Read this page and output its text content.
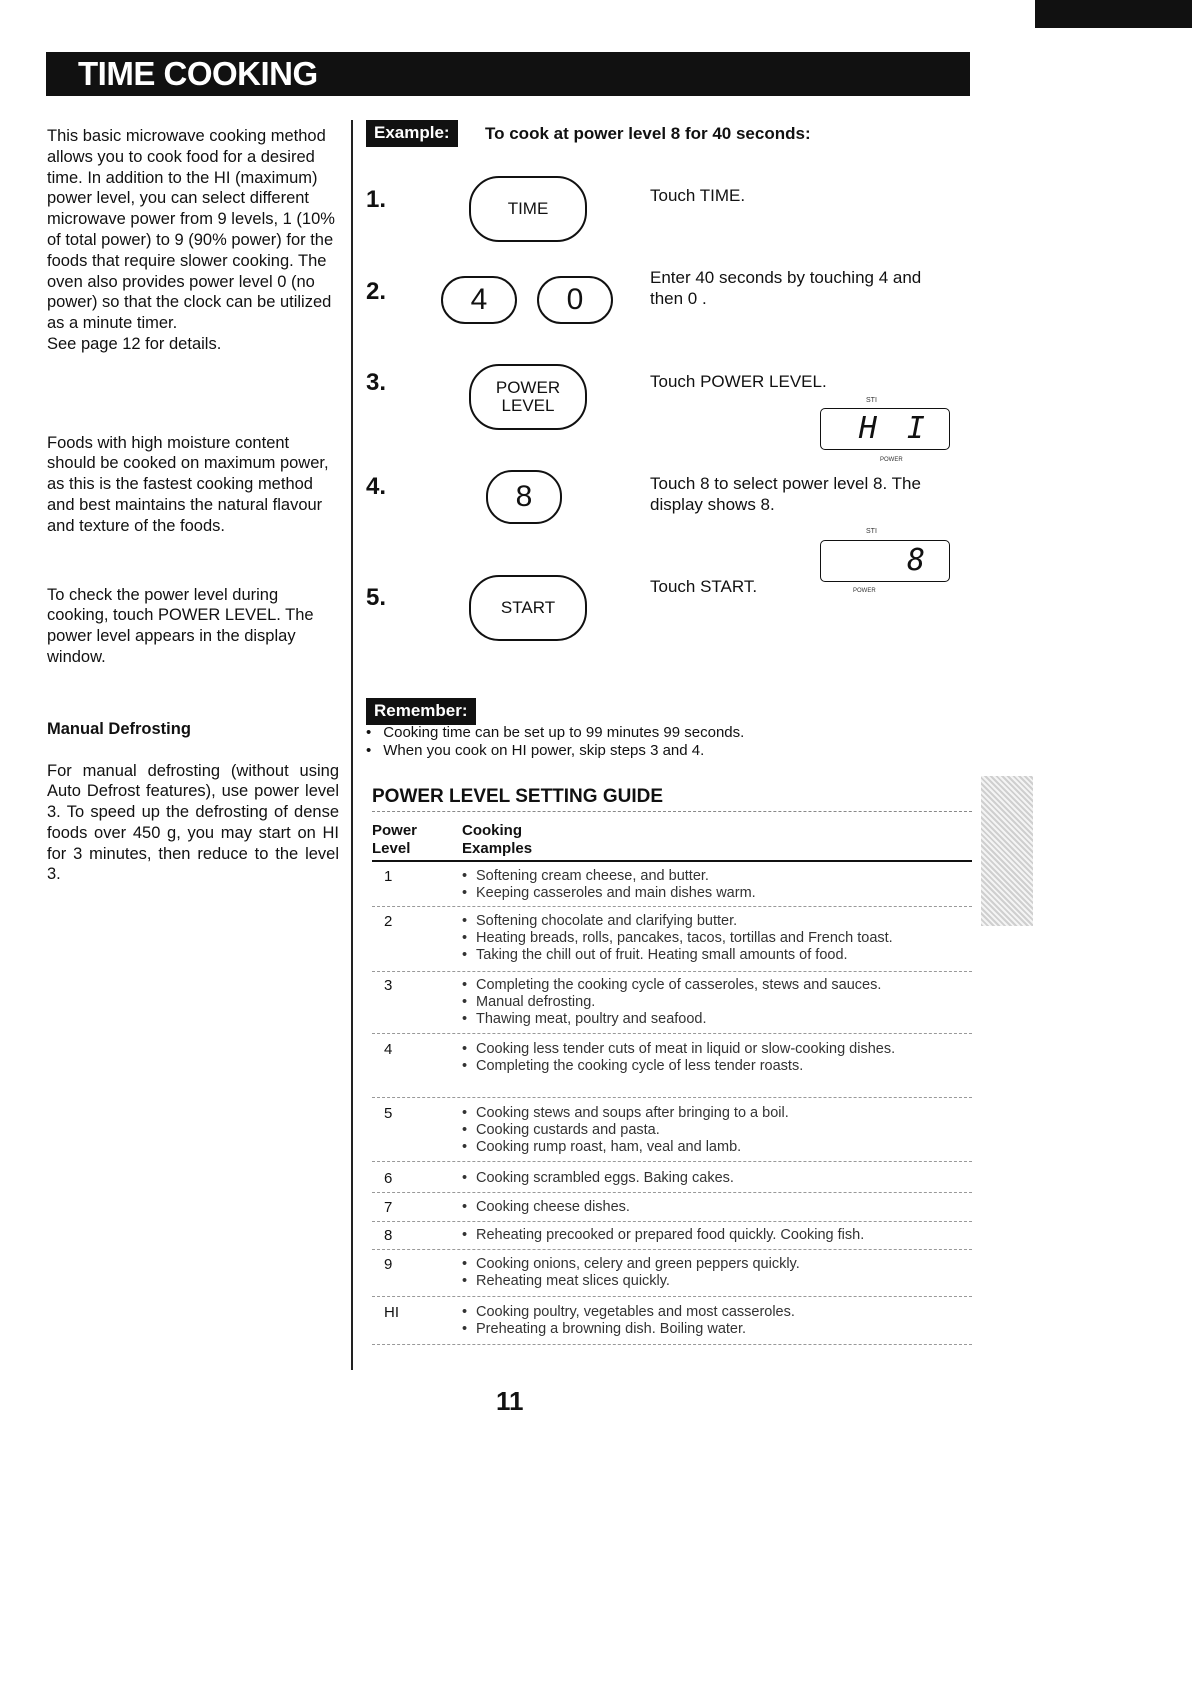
TIME COOKING

This basic microwave cooking method allows you to cook food for a desired time. In addition to the HI (maximum) power level, you can select different microwave power from 9 levels, 1 (10% of total power) to 9 (90% power) for the foods that require slower cooking. The oven also provides power level 0 (no power) so that the clock can be utilized as a minute timer.

See page 12 for details.

Foods with high moisture content should be cooked on maximum power, as this is the fastest cooking method and best maintains the natural flavour and texture of the foods.

To check the power level during cooking, touch POWER LEVEL. The power level appears in the display window.

Manual Defrosting

For manual defrosting (without using Auto Defrost features), use power level 3. To speed up the defrosting of dense foods over 450 g, you may start on HI for 3 minutes, then reduce to the level 3.

Example:	To cook at power level 8 for 40 seconds:
1.	TIME
Touch TIME.
2.	4	0
Enter 40 seconds by touching 4 and then 0 .
3.	POWER
LEVEL
Touch POWER LEVEL.
STI
H I
POWER
4.	8	Touch 8 to select power level 8. The display shows 8.
STI
8
POWER
5.	START
Touch START.
Remember:
• Cooking time can be set up to 99 minutes 99 seconds.
• When you cook on HI power, skip steps 3 and 4.
POWER LEVEL SETTING GUIDE
Power
Level
Cooking
Examples
1	• Softening cream cheese, and butter.
• Keeping casseroles and main dishes warm.
2	• Softening chocolate and clarifying butter.
• Heating breads, rolls, pancakes, tacos, tortillas and French toast.
• Taking the chill out of fruit. Heating small amounts of food.
3	• Completing the cooking cycle of casseroles, stews and sauces.
• Manual defrosting.
• Thawing meat, poultry and seafood.
4	• Cooking less tender cuts of meat in liquid or slow-cooking dishes.
• Completing the cooking cycle of less tender roasts.
5	• Cooking stews and soups after bringing to a boil.
• Cooking custards and pasta.
• Cooking rump roast, ham, veal and lamb.
6	• Cooking scrambled eggs. Baking cakes.
7	• Cooking cheese dishes.
8	• Reheating precooked or prepared food quickly. Cooking fish.
9	• Cooking onions, celery and green peppers quickly.
• Reheating meat slices quickly.
HI	• Cooking poultry, vegetables and most casseroles.
• Preheating a browning dish. Boiling water.
11
